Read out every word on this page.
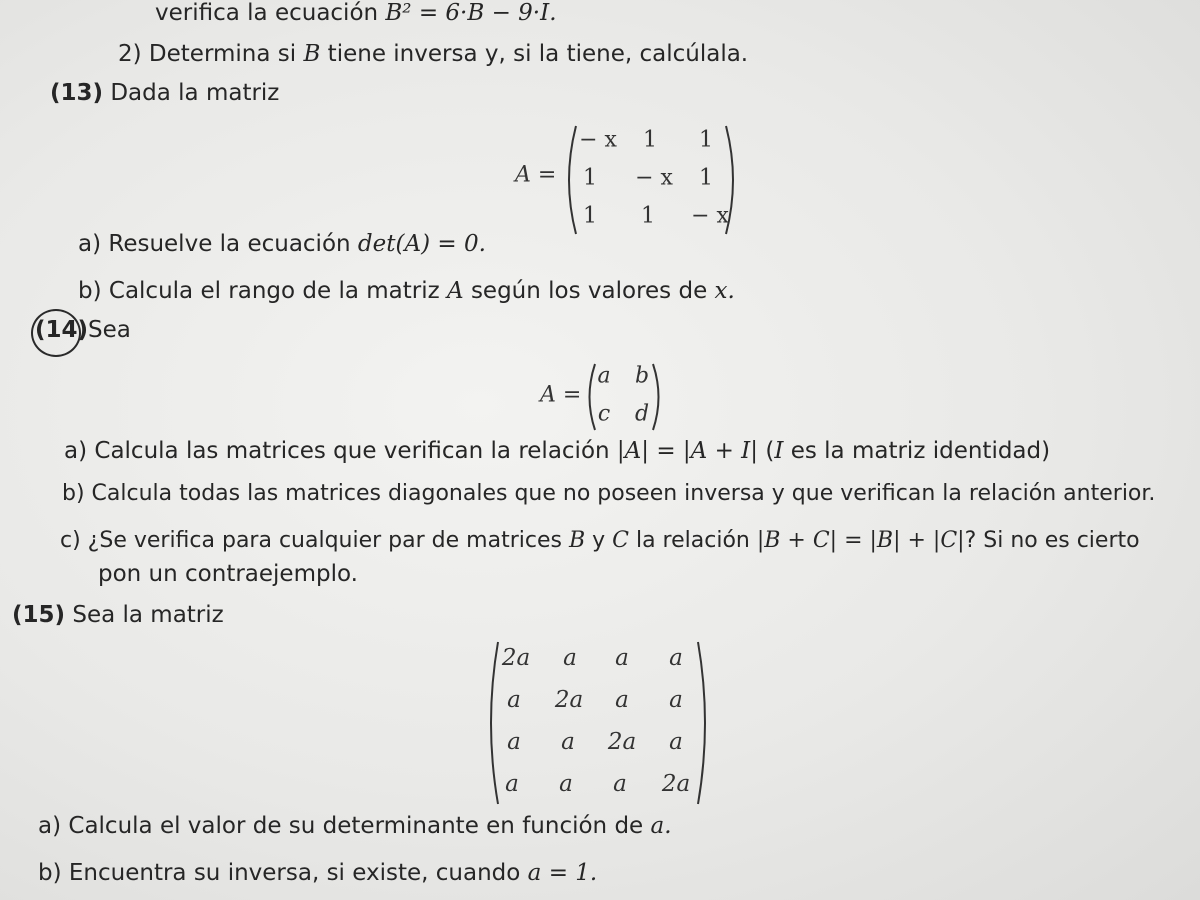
verifica la ecuación B² = 6·B − 9·I.
2) Determina si B tiene inversa y, si la tiene, calcúlala.
(13) Dada la matriz
A =
− x 1 1
1 − x 1
1 1 − x
a) Resuelve la ecuación det(A) = 0.
b) Calcula el rango de la matriz A según los valores de x.
(14)Sea
A =
a b
c d
a) Calcula las matrices que verifican la relación |A| = |A + I| (I es la matriz identidad)
b) Calcula todas las matrices diagonales que no poseen inversa y que verifican la relación anterior.
c) ¿Se verifica para cualquier par de matrices B y C la relación |B + C| = |B| + |C|? Si no es cierto
pon un contraejemplo.
(15) Sea la matriz
2a a a a
a 2a a a
a a 2a a
a a a 2a
a) Calcula el valor de su determinante en función de a.
b) Encuentra su inversa, si existe, cuando a = 1.
